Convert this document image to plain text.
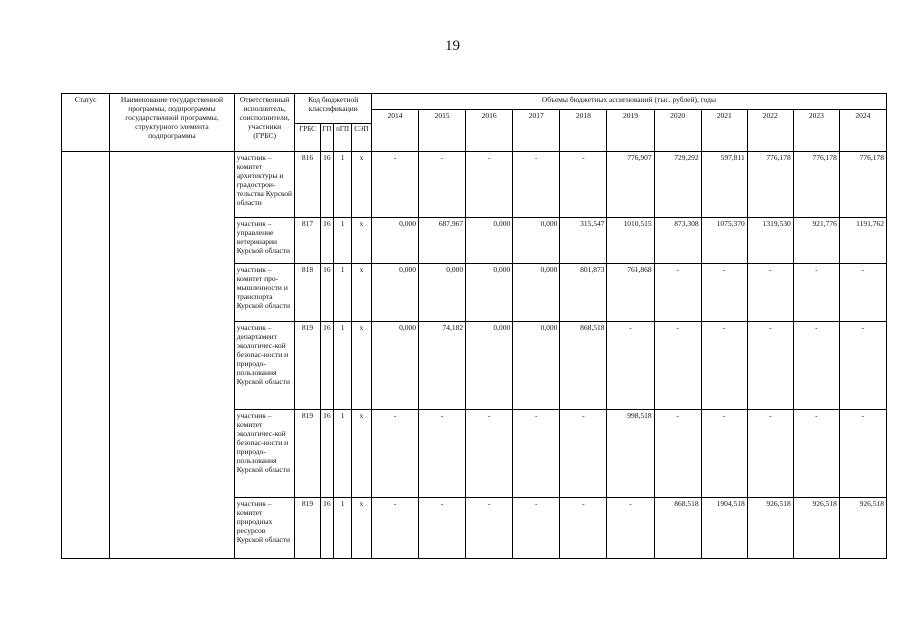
19
Статус	Наименование государственной программы, подпрограммы государственной программы, структурного элемента подпрограммы	Ответственный исполнитель, соисполнители, участники (ГРБС)	Код бюджетной классификации				Объемы бюджетных ассигнований (тыс. рублей), годы										
							2014	2015	2016	2017	2018	2019	2020	2021	2022	2023	2024
			ГРБС	ГП	пГП	СЭП											
		участник – комитет архитектуры и градострои-тельства Курской области	816	16	1	х	-	-	-	-	-	776,907	729,292	597,811	776,178	776,178	776,178
		участник – управление ветеринарии Курской области	817	16	1	х	0,000	687,967	0,000	0,000	315,547	1010,515	873,308	1075,370	1319,530	921,776	1191,762
		участник – комитет про-мышленности и транспорта Курской области	818	16	1	х	0,000	0,000	0,000	0,000	801,873	761,868	-	-	-	-	-
		участник – департамент экологичес-кой безопас-ности и природо-пользования Курской области	819	16	1	х	0,000	74,182	0,000	0,000	868,518	-	-	-	-	-	-
		участник – комитет экологичес-кой безопас-ности и природо-пользования Курской области	819	16	1	х	-	-	-	-	-	998,518	-	-	-	-	-
		участник – комитет природных ресурсов Курской области	819	16	1	х	-	-	-	-	-	-	868,518	1904,518	926,518	926,518	926,518
